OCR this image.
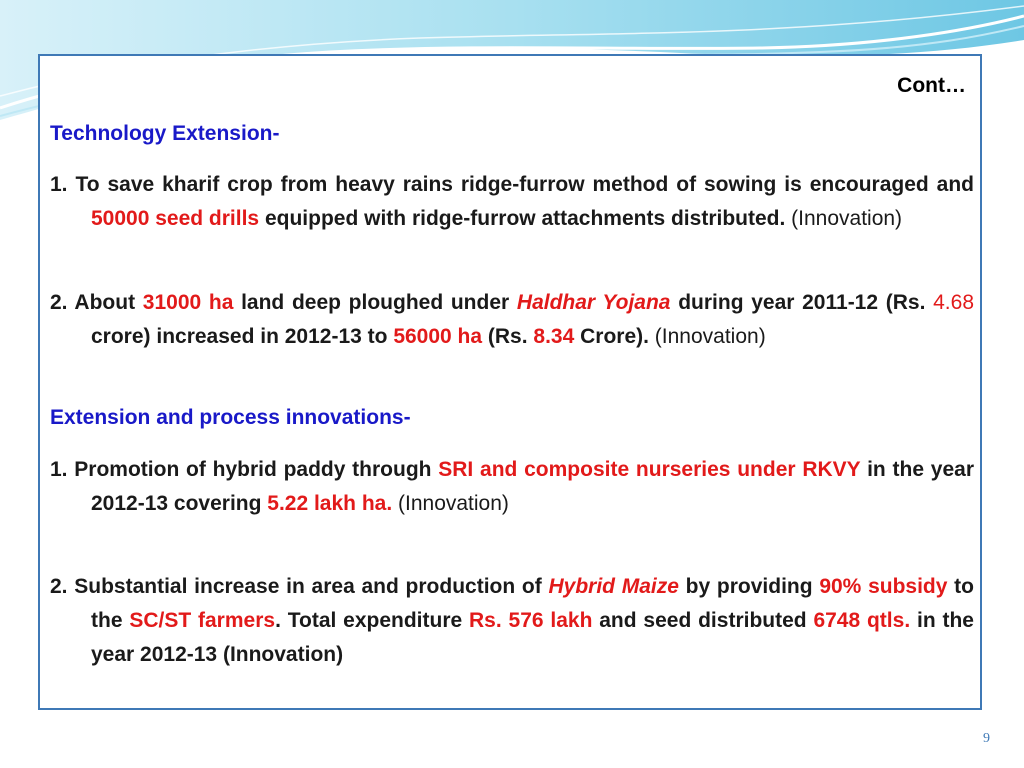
Cont…
Technology Extension-
1. To save kharif crop from heavy rains ridge-furrow method of sowing is encouraged and 50000 seed drills equipped with ridge-furrow attachments distributed. (Innovation)
2. About 31000 ha land deep ploughed under Haldhar Yojana during year 2011-12 (Rs. 4.68 crore) increased in 2012-13 to 56000 ha (Rs. 8.34 Crore). (Innovation)
Extension and process innovations-
1. Promotion of hybrid paddy through SRI and composite nurseries under RKVY in the year 2012-13 covering 5.22 lakh ha. (Innovation)
2. Substantial increase in area and production of Hybrid Maize by providing 90% subsidy to the SC/ST farmers. Total expenditure Rs. 576 lakh and seed distributed 6748 qtls. in the year 2012-13 (Innovation)
9
